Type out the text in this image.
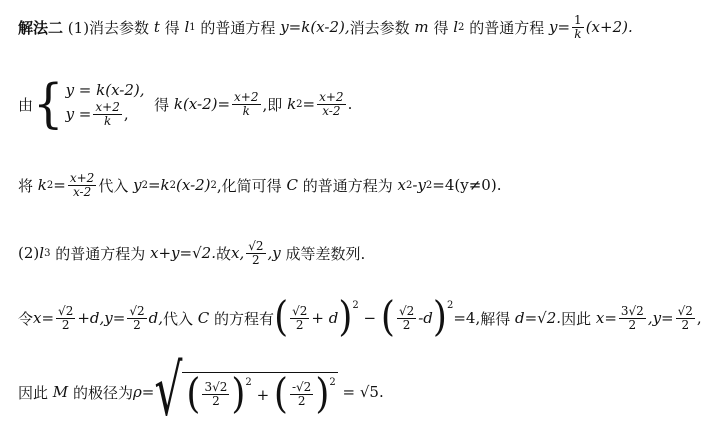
解法二
(1)消去参数
t
得
l 1
的普通方程
y=k(x-2), 消去参数
m
得
l 2
的普通方程
$y= \frac{1}{k} (x+2)$.
由 { y = k(x-2),
$y = \frac{x+2}{k}$ ,

得
$k(x-2)= \frac{x+2}{k}$ ,即
k $2 = \frac{x+2}{x-2}$ .
将
k $2 = \frac{x+2}{x-2}$ 代入
y 2 =k 2 (x-2) 2 ,化简可得
C
的普通方程为
x 2 -y 2 =4(y≠0).
(2) l 3
的普通方程为
x+y=√2. 故 x, $\frac{√2}{2} ,y$
成等差数列.
令 $x= \frac{√2}{2} +d$, $y= \frac{√2}{2} d$, 代入
C
的方程有 ( $\frac{√2}{2} + d$ ) 2

−
( $\frac{√2}{2} -d$ ) 2
=4, 解得
d=√2. 因此
$x= \frac{3√2}{2} ,y= \frac{√2}{2}$ ,
因此
M
的极径为 ρ= √ ( $\frac{3√2}{2}$ ) 2

+
( $\frac{-√2}{2}$ ) 2

= √5.
